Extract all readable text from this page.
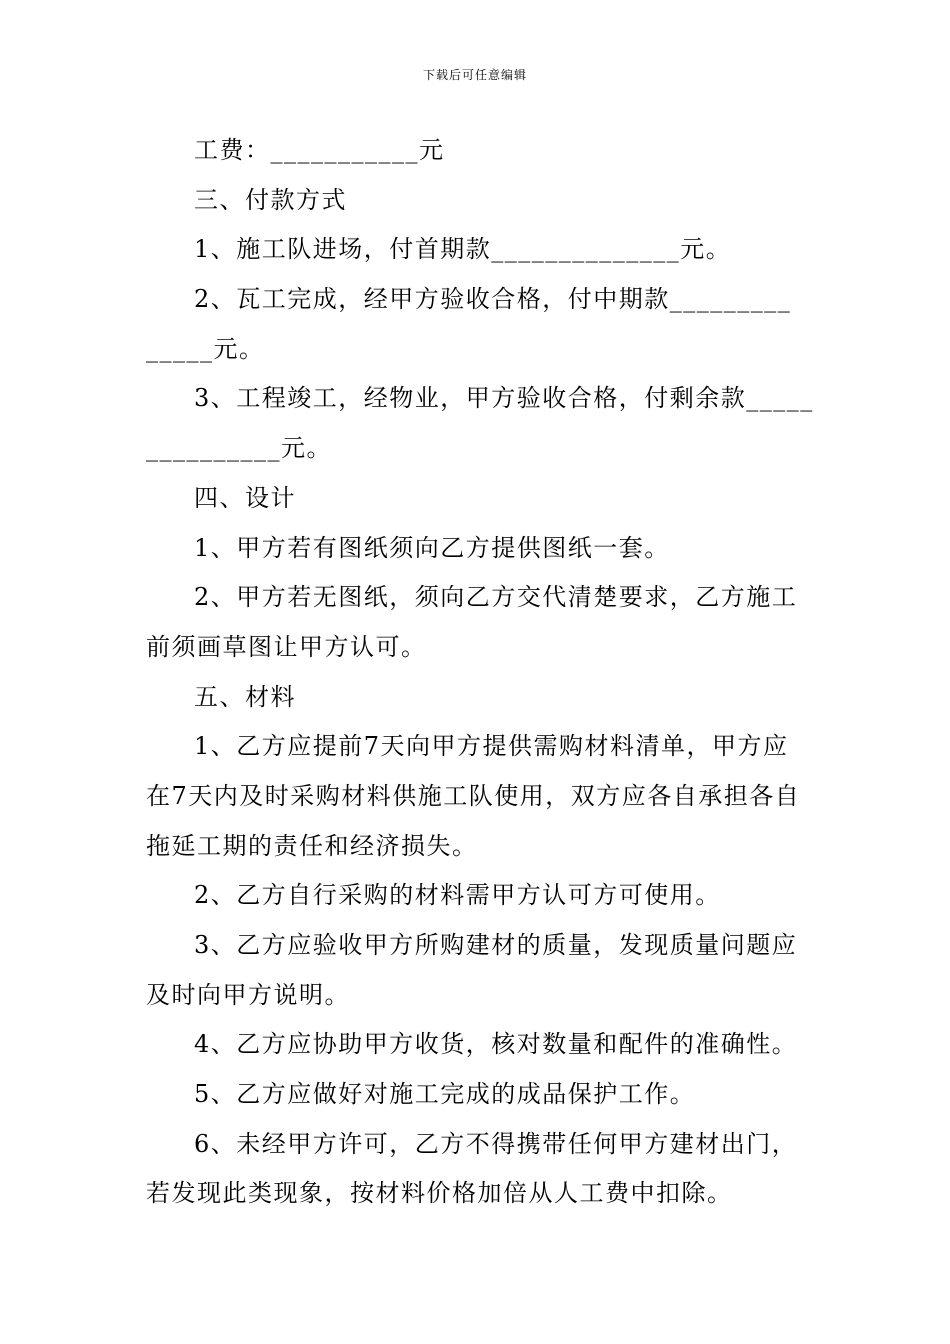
下载后可任意编辑
工费：___________元
三、付款方式
1、施工队进场，付首期款______________元。
2、瓦工完成，经甲方验收合格，付中期款_________
_____元。
3、工程竣工，经物业，甲方验收合格，付剩余款_____
__________元。
四、设计
1、甲方若有图纸须向乙方提供图纸一套。
2、甲方若无图纸，须向乙方交代清楚要求，乙方施工
前须画草图让甲方认可。
五、材料
1、乙方应提前7天向甲方提供需购材料清单，甲方应
在7天内及时采购材料供施工队使用，双方应各自承担各自
拖延工期的责任和经济损失。
2、乙方自行采购的材料需甲方认可方可使用。
3、乙方应验收甲方所购建材的质量，发现质量问题应
及时向甲方说明。
4、乙方应协助甲方收货，核对数量和配件的准确性。
5、乙方应做好对施工完成的成品保护工作。
6、未经甲方许可，乙方不得携带任何甲方建材出门，
若发现此类现象，按材料价格加倍从人工费中扣除。
